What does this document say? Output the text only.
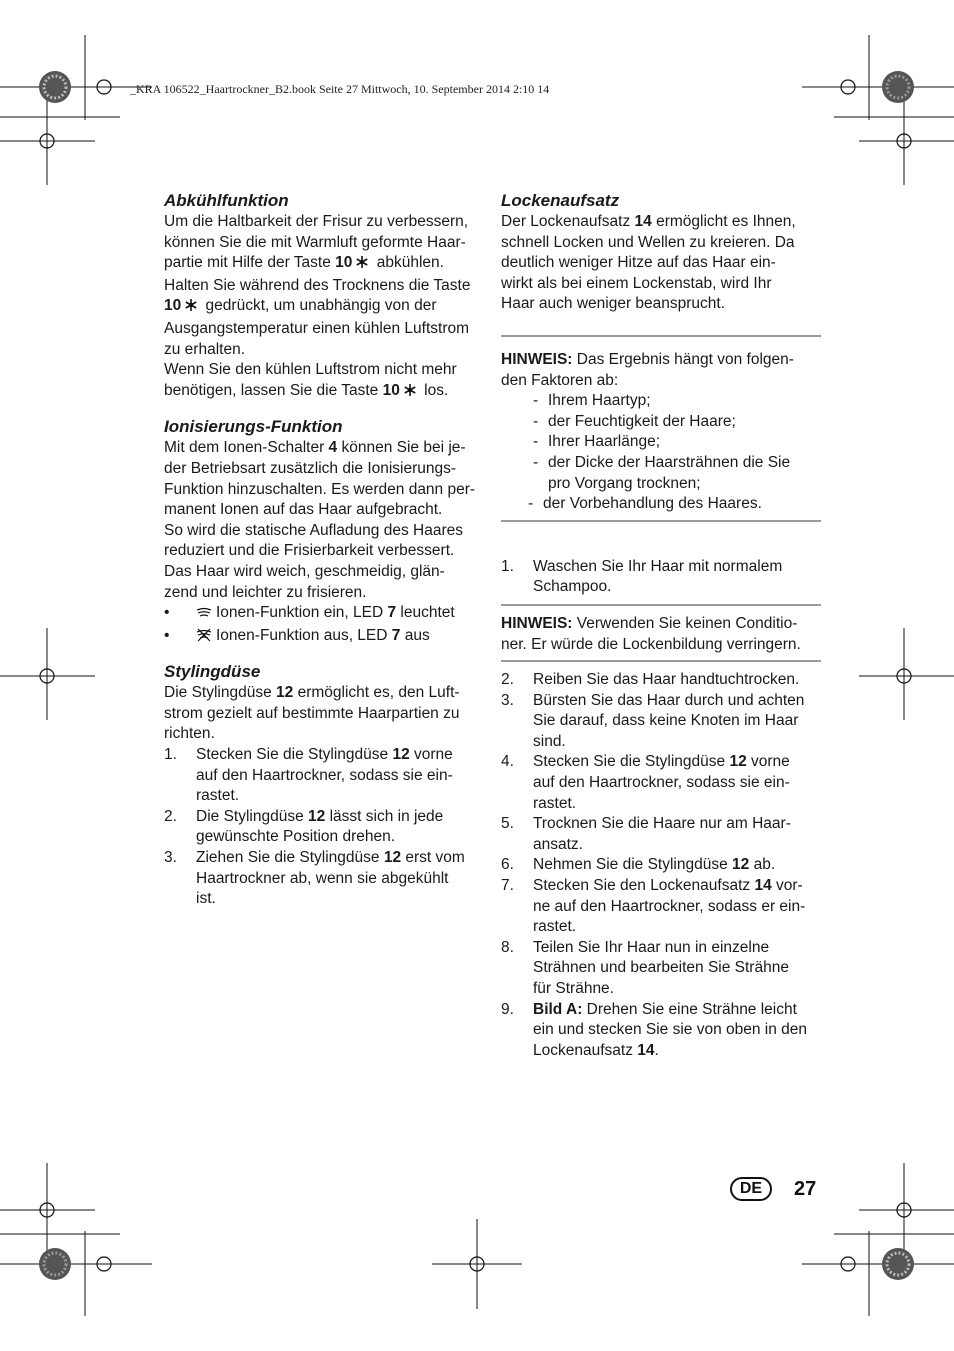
_KRA 106522_Haartrockner_B2.book Seite 27 Mittwoch, 10. September 2014 2:10 14
Abkühlfunktion

Um die Haltbarkeit der Frisur zu verbessern,

können Sie die mit Warmluft geformte Haar-

partie mit Hilfe der Taste 10 abkühlen.

Halten Sie während des Trocknens die Taste

10 gedrückt, um unabhängig von der

Ausgangstemperatur einen kühlen Luftstrom

zu erhalten.

Wenn Sie den kühlen Luftstrom nicht mehr

benötigen, lassen Sie die Taste 10 los.

Ionisierungs-Funktion

Mit dem Ionen-Schalter 4 können Sie bei je-

der Betriebsart zusätzlich die Ionisierungs-

Funktion hinzuschalten. Es werden dann per-

manent Ionen auf das Haar aufgebracht.

So wird die statische Aufladung des Haares

reduziert und die Frisierbarkeit verbessert.

Das Haar wird weich, geschmeidig, glän-

zend und leichter zu frisieren.

•	Ionen-Funktion ein, LED 7 leuchtet
•	Ionen-Funktion aus, LED 7 aus
Stylingdüse

Die Stylingdüse 12 ermöglicht es, den Luft-

strom gezielt auf bestimmte Haarpartien zu

richten.

1.	Stecken Sie die Stylingdüse 12 vorne
auf den Haartrockner, sodass sie ein-
rastet.
2.	Die Stylingdüse 12 lässt sich in jede
gewünschte Position drehen.
3.	Ziehen Sie die Stylingdüse 12 erst vom
Haartrockner ab, wenn sie abgekühlt
ist.
Lockenaufsatz

Der Lockenaufsatz 14 ermöglicht es Ihnen,

schnell Locken und Wellen zu kreieren. Da

deutlich weniger Hitze auf das Haar ein-

wirkt als bei einem Lockenstab, wird Ihr

Haar auch weniger beansprucht.

HINWEIS: Das Ergebnis hängt von folgen-

den Faktoren ab:

- Ihrem Haartyp;
- der Feuchtigkeit der Haare;
- Ihrer Haarlänge;
- der Dicke der Haarsträhnen die Sie
pro Vorgang trocknen;
- der Vorbehandlung des Haares.
1.	Waschen Sie Ihr Haar mit normalem
Schampoo.

HINWEIS: Verwenden Sie keinen Conditio-

ner. Er würde die Lockenbildung verringern.

2.	Reiben Sie das Haar handtuchtrocken.
3.	Bürsten Sie das Haar durch und achten
Sie darauf, dass keine Knoten im Haar
sind.
4.	Stecken Sie die Stylingdüse 12 vorne
auf den Haartrockner, sodass sie ein-
rastet.
5.	Trocknen Sie die Haare nur am Haar-
ansatz.
6.	Nehmen Sie die Stylingdüse 12 ab.
7.	Stecken Sie den Lockenaufsatz 14 vor-
ne auf den Haartrockner, sodass er ein-
rastet.
8.	Teilen Sie Ihr Haar nun in einzelne
Strähnen und bearbeiten Sie Strähne
für Strähne.
9.	Bild A: Drehen Sie eine Strähne leicht
ein und stecken Sie sie von oben in den
Lockenaufsatz 14.
DE	27
